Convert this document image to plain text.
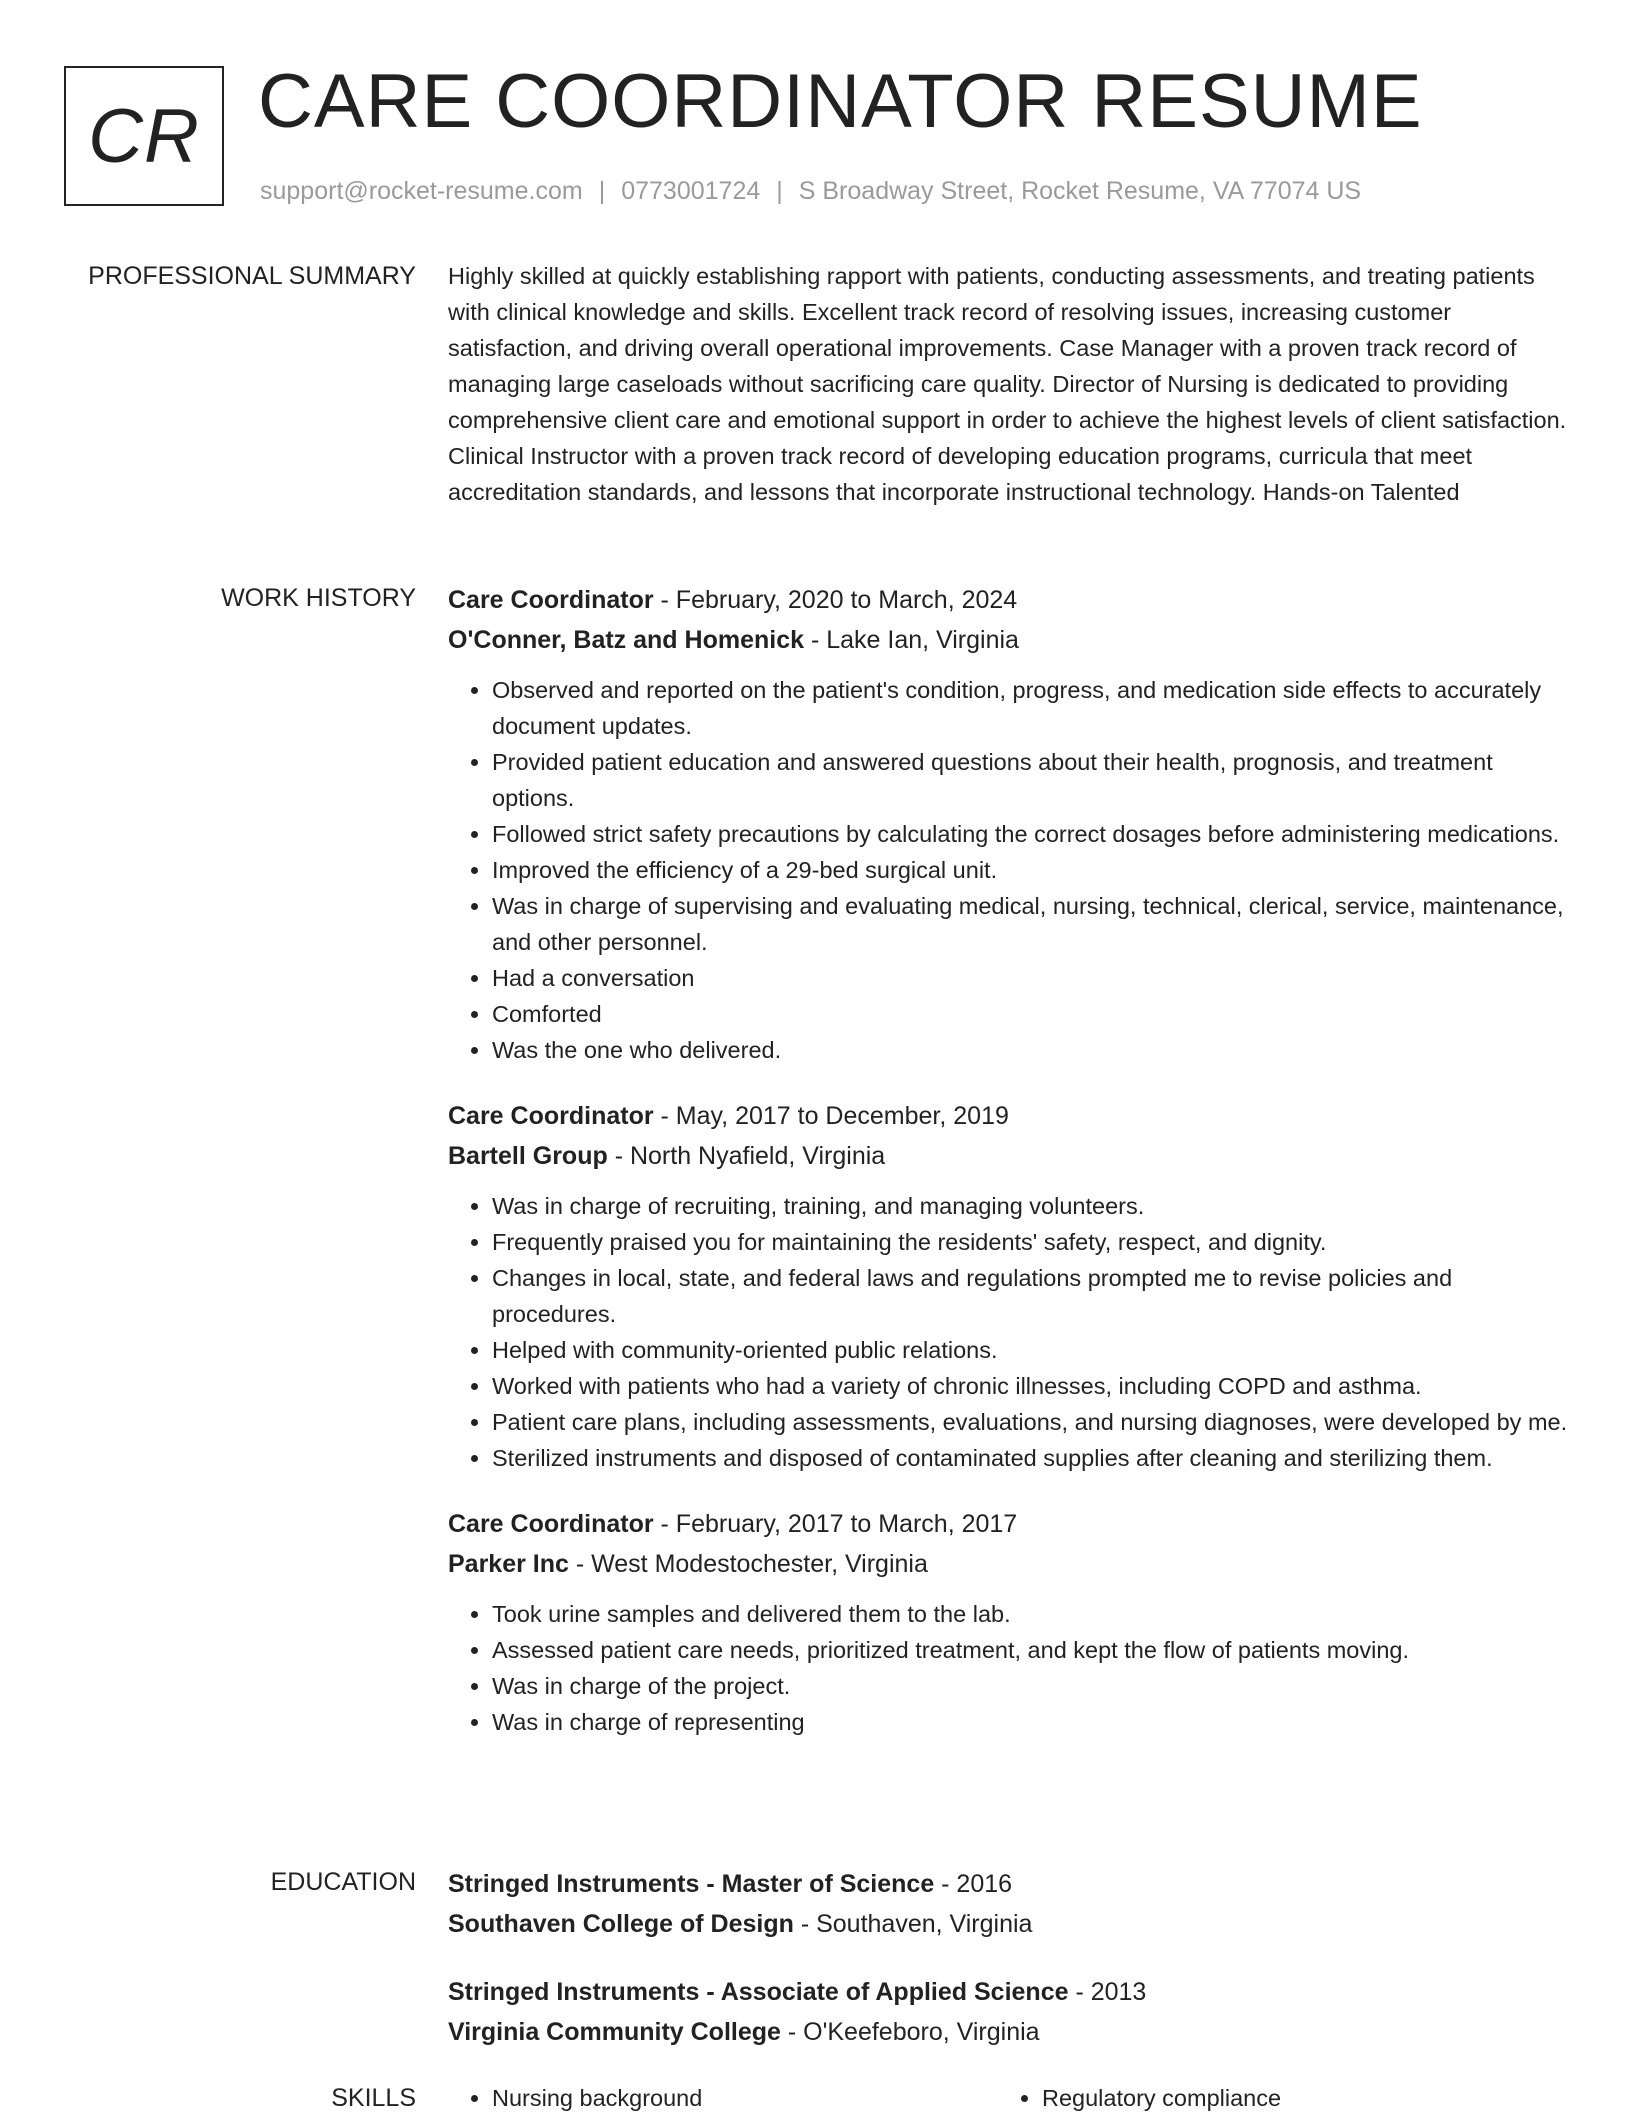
CR CARE COORDINATOR RESUME
support@rocket-resume.com | 0773001724 | S Broadway Street, Rocket Resume, VA 77074 US
PROFESSIONAL SUMMARY Highly skilled at quickly establishing rapport with patients, conducting assessments, and treating patients with clinical knowledge and skills. Excellent track record of resolving issues, increasing customer satisfaction, and driving overall operational improvements. Case Manager with a proven track record of managing large caseloads without sacrificing care quality. Director of Nursing is dedicated to providing comprehensive client care and emotional support in order to achieve the highest levels of client satisfaction. Clinical Instructor with a proven track record of developing education programs, curricula that meet accreditation standards, and lessons that incorporate instructional technology. Hands-on Talented

WORK HISTORY Care Coordinator - February, 2020 to March, 2024
O'Conner, Batz and Homenick - Lake Ian, Virginia
• Observed and reported on the patient's condition, progress, and medication side effects to accurately document updates.
• Provided patient education and answered questions about their health, prognosis, and treatment options.
• Followed strict safety precautions by calculating the correct dosages before administering medications.
• Improved the efficiency of a 29-bed surgical unit.
• Was in charge of supervising and evaluating medical, nursing, technical, clerical, service, maintenance, and other personnel.
• Had a conversation
• Comforted
• Was the one who delivered.
Care Coordinator - May, 2017 to December, 2019
Bartell Group - North Nyafield, Virginia
• Was in charge of recruiting, training, and managing volunteers.
• Frequently praised you for maintaining the residents' safety, respect, and dignity.
• Changes in local, state, and federal laws and regulations prompted me to revise policies and procedures.
• Helped with community-oriented public relations.
• Worked with patients who had a variety of chronic illnesses, including COPD and asthma.
• Patient care plans, including assessments, evaluations, and nursing diagnoses, were developed by me.
• Sterilized instruments and disposed of contaminated supplies after cleaning and sterilizing them.
Care Coordinator - February, 2017 to March, 2017
Parker Inc - West Modestochester, Virginia
• Took urine samples and delivered them to the lab.
• Assessed patient care needs, prioritized treatment, and kept the flow of patients moving.
• Was in charge of the project.
• Was in charge of representing
EDUCATION Stringed Instruments - Master of Science - 2016
Southaven College of Design - Southaven, Virginia
Stringed Instruments - Associate of Applied Science - 2013
Virginia Community College - O'Keefeboro, Virginia
SKILLS	• Nursing background	• Regulatory compliance
